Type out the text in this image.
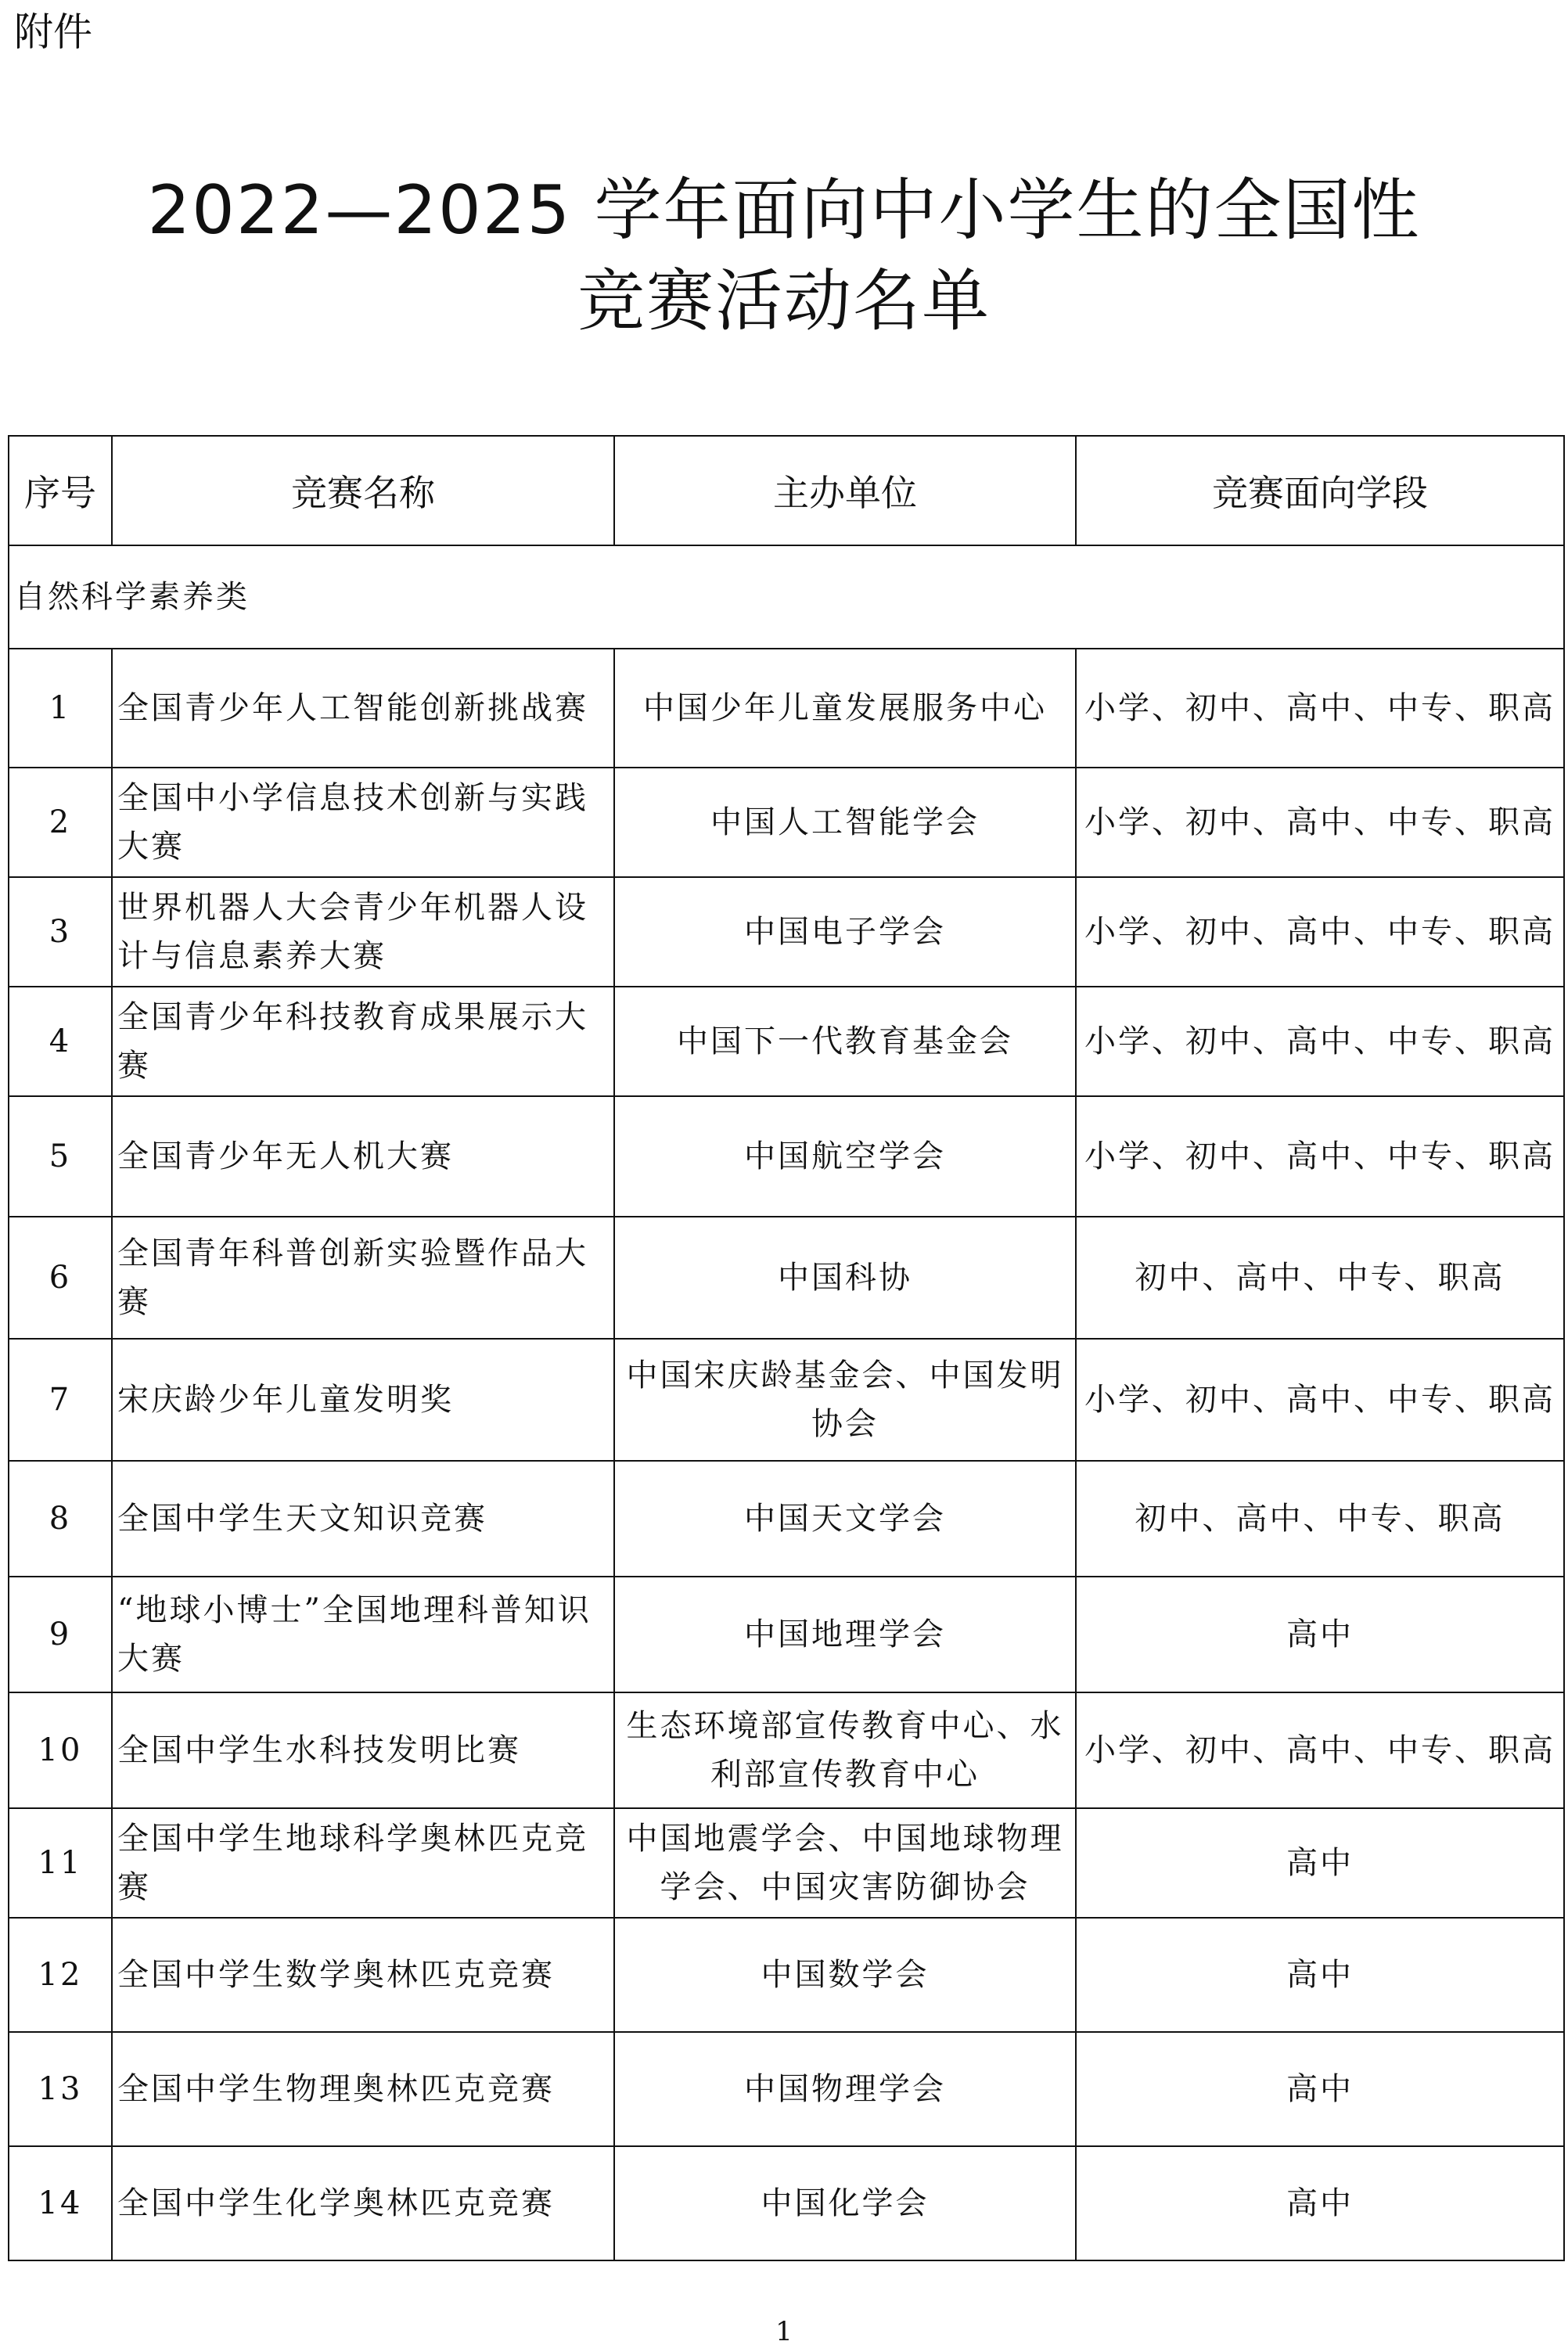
附件
2022—2025 学年面向中小学生的全国性
竞赛活动名单
序号	竞赛名称	主办单位	竞赛面向学段
自然科学素养类			
1	全国青少年人工智能创新挑战赛	中国少年儿童发展服务中心	小学、初中、高中、中专、职高
2	全国中小学信息技术创新与实践大赛	中国人工智能学会	小学、初中、高中、中专、职高
3	世界机器人大会青少年机器人设计与信息素养大赛	中国电子学会	小学、初中、高中、中专、职高
4	全国青少年科技教育成果展示大赛	中国下一代教育基金会	小学、初中、高中、中专、职高
5	全国青少年无人机大赛	中国航空学会	小学、初中、高中、中专、职高
6	全国青年科普创新实验暨作品大赛	中国科协	初中、高中、中专、职高
7	宋庆龄少年儿童发明奖	中国宋庆龄基金会、中国发明协会	小学、初中、高中、中专、职高
8	全国中学生天文知识竞赛	中国天文学会	初中、高中、中专、职高
9	“地球小博士”全国地理科普知识大赛	中国地理学会	高中
10	全国中学生水科技发明比赛	生态环境部宣传教育中心、水利部宣传教育中心	小学、初中、高中、中专、职高
11	全国中学生地球科学奥林匹克竞赛	中国地震学会、中国地球物理学会、中国灾害防御协会	高中
12	全国中学生数学奥林匹克竞赛	中国数学会	高中
13	全国中学生物理奥林匹克竞赛	中国物理学会	高中
14	全国中学生化学奥林匹克竞赛	中国化学会	高中
1
